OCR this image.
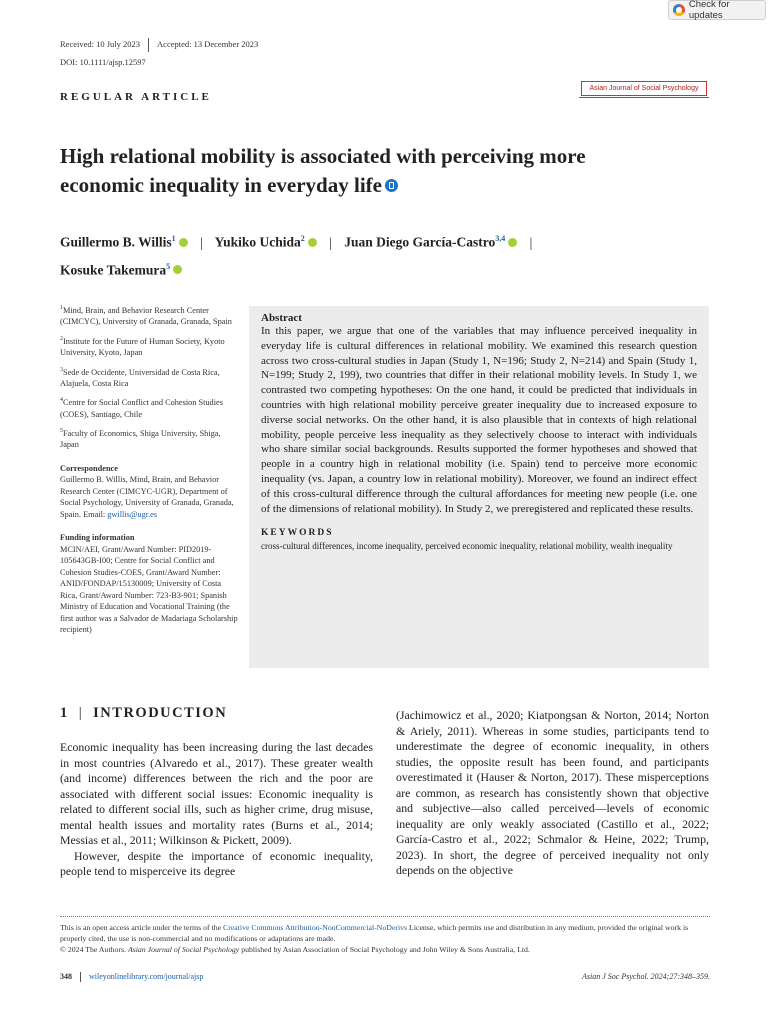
Check for updates
Received: 10 July 2023 Accepted: 13 December 2023
DOI: 10.1111/ajsp.12597
REGULAR ARTICLE
Asian Journal of Social Psychology
High relational mobility is associated with perceiving more
economic inequality in everyday life
Guillermo B. Willis$^1$ | Yukiko Uchida$^2$ | Juan Diego García-Castro$^{3,4}$ |
Kosuke Takemura$^5$

$^1$Mind, Brain, and Behavior Research Center (CIMCYC), University of Granada, Granada, Spain

$^2$Institute for the Future of Human Society, Kyoto University, Kyoto, Japan

$^3$Sede de Occidente, Universidad de Costa Rica, Alajuela, Costa Rica

$^4$Centre for Social Conflict and Cohesion Studies (COES), Santiago, Chile

$^5$Faculty of Economics, Shiga University, Shiga, Japan

Correspondence

Guillermo B. Willis, Mind, Brain, and Behavior Research Center (CIMCYC-UGR), Department of Social Psychology, University of Granada, Granada, Spain. Email: gwillis@ugr.es

Funding information

MCIN/AEI, Grant/Award Number: PID2019-105643GB-I00; Centre for Social Conflict and Cohesion Studies-COES, Grant/Award Number: ANID/FONDAP/15130009; University of Costa Rica, Grant/Award Number: 723-B3-901; Spanish Ministry of Education and Vocational Training (the first author was a Salvador de Madariaga Scholarship recipient)

Abstract

In this paper, we argue that one of the variables that may influence perceived inequality in everyday life is cultural differences in relational mobility. We examined this research question across two cross-cultural studies in Japan (Study 1, N=196; Study 2, N=214) and Spain (Study 1, N=199; Study 2, 199), two countries that differ in their relational mobility levels. In Study 1, we contrasted two competing hypotheses: On the one hand, it could be predicted that individuals in countries with high relational mobility perceive greater inequality due to increased exposure to diverse social networks. On the other hand, it is also plausible that in contexts of high relational mobility, people perceive less inequality as they selectively choose to interact with individuals who share similar social backgrounds. Results supported the former hypotheses and showed that people in a country high in relational mobility (i.e. Spain) tend to perceive more economic inequality (vs. Japan, a country low in relational mobility). Moreover, we found an indirect effect of this cross-cultural difference through the cultural affordances for meeting new people (i.e. one of the dimensions of relational mobility). In Study 2, we preregistered and replicated these results.

KEYWORDS
cross-cultural differences, income inequality, perceived economic inequality, relational mobility, wealth inequality
1 | INTRODUCTION

Economic inequality has been increasing during the last decades in most countries (Alvaredo et al., 2017). These greater wealth (and income) differences between the rich and the poor are associated with different social issues: Economic inequality is related to different social ills, such as higher crime, drug misuse, mental health issues and mortality rates (Burns et al., 2014; Messias et al., 2011; Wilkinson & Pickett, 2009).

However, despite the importance of economic inequality, people tend to misperceive its degree

(Jachimowicz et al., 2020; Kiatpongsan & Norton, 2014; Norton & Ariely, 2011). Whereas in some studies, participants tend to underestimate the degree of economic inequality, in others studies, the opposite result has been found, and participants overestimated it (Hauser & Norton, 2017). These misperceptions are common, as research has consistently shown that objective and subjective—also called perceived—levels of economic inequality are only weakly associated (Castillo et al., 2022; García-Castro et al., 2022; Schmalor & Heine, 2022; Trump, 2023). In short, the degree of perceived inequality not only depends on the objective

This is an open access article under the terms of the Creative Commons Attribution-NonCommercial-NoDerivs License, which permits use and distribution in any medium, provided the original work is properly cited, the use is non-commercial and no modifications or adaptations are made.
© 2024 The Authors. Asian Journal of Social Psychology published by Asian Association of Social Psychology and John Wiley & Sons Australia, Ltd.
348 wileyonlinelibrary.com/journal/ajsp	Asian J Soc Psychol. 2024;27:348–359.
